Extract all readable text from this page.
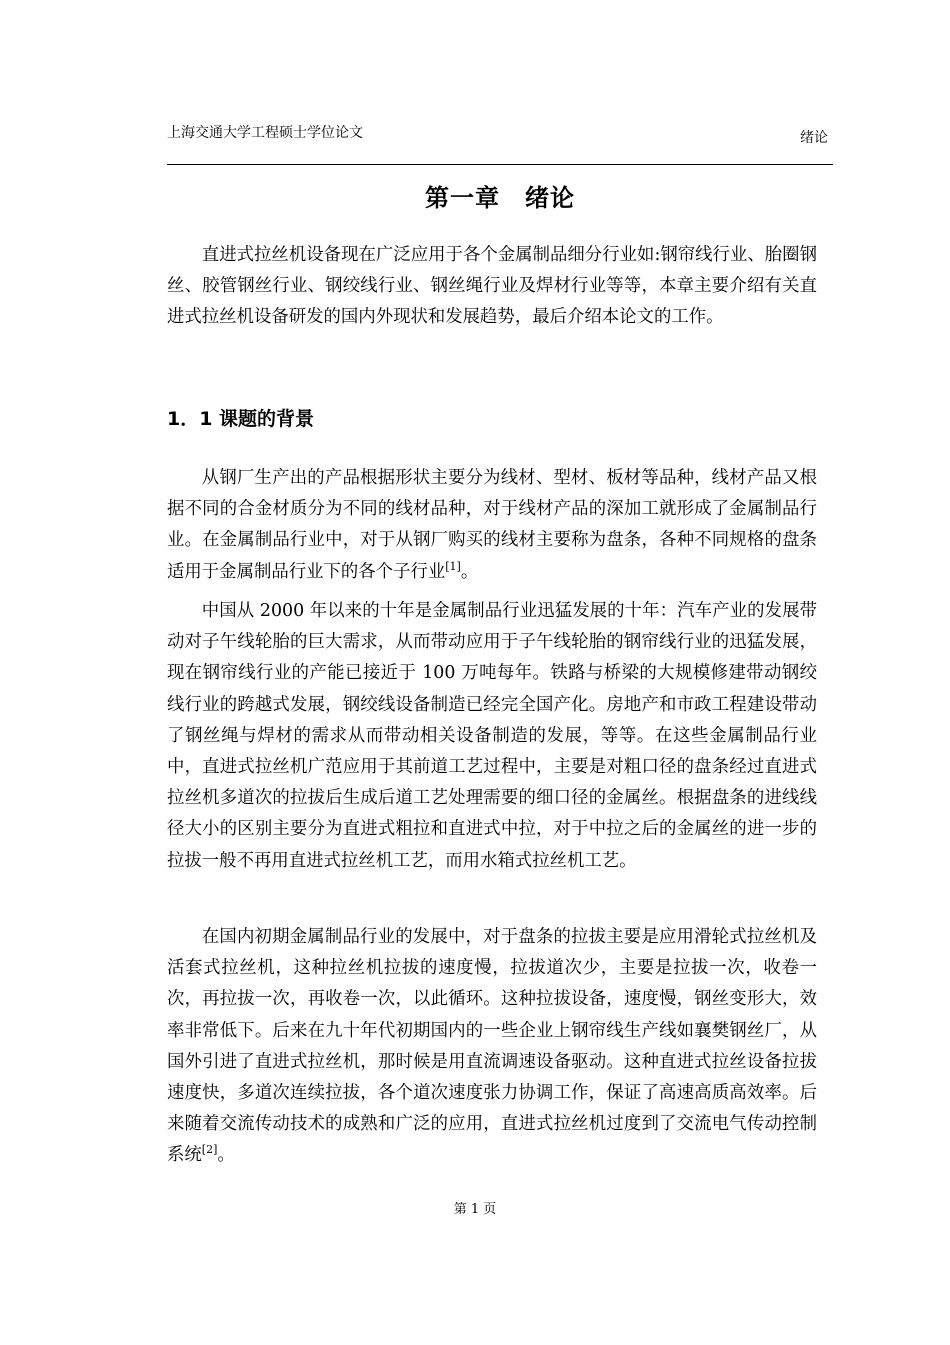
上海交通大学工程硕士学位论文	绪论
第一章　绪论

直进式拉丝机设备现在广泛应用于各个金属制品细分行业如:钢帘线行业、胎圈钢丝、胶管钢丝行业、钢绞线行业、钢丝绳行业及焊材行业等等，本章主要介绍有关直进式拉丝机设备研发的国内外现状和发展趋势，最后介绍本论文的工作。

1．1 课题的背景

从钢厂生产出的产品根据形状主要分为线材、型材、板材等品种，线材产品又根据不同的合金材质分为不同的线材品种，对于线材产品的深加工就形成了金属制品行业。在金属制品行业中，对于从钢厂购买的线材主要称为盘条，各种不同规格的盘条适用于金属制品行业下的各个子行业[1]。

中国从 2000 年以来的十年是金属制品行业迅猛发展的十年：汽车产业的发展带动对子午线轮胎的巨大需求，从而带动应用于子午线轮胎的钢帘线行业的迅猛发展，现在钢帘线行业的产能已接近于 100 万吨每年。铁路与桥梁的大规模修建带动钢绞线行业的跨越式发展，钢绞线设备制造已经完全国产化。房地产和市政工程建设带动了钢丝绳与焊材的需求从而带动相关设备制造的发展，等等。在这些金属制品行业中，直进式拉丝机广范应用于其前道工艺过程中，主要是对粗口径的盘条经过直进式拉丝机多道次的拉拔后生成后道工艺处理需要的细口径的金属丝。根据盘条的进线线径大小的区别主要分为直进式粗拉和直进式中拉，对于中拉之后的金属丝的进一步的拉拔一般不再用直进式拉丝机工艺，而用水箱式拉丝机工艺。

在国内初期金属制品行业的发展中，对于盘条的拉拔主要是应用滑轮式拉丝机及活套式拉丝机，这种拉丝机拉拔的速度慢，拉拔道次少，主要是拉拔一次，收卷一次，再拉拔一次，再收卷一次，以此循环。这种拉拔设备，速度慢，钢丝变形大，效率非常低下。后来在九十年代初期国内的一些企业上钢帘线生产线如襄樊钢丝厂，从国外引进了直进式拉丝机，那时候是用直流调速设备驱动。这种直进式拉丝设备拉拔速度快，多道次连续拉拔，各个道次速度张力协调工作，保证了高速高质高效率。后来随着交流传动技术的成熟和广泛的应用，直进式拉丝机过度到了交流电气传动控制系统[2]。

第 1 页
